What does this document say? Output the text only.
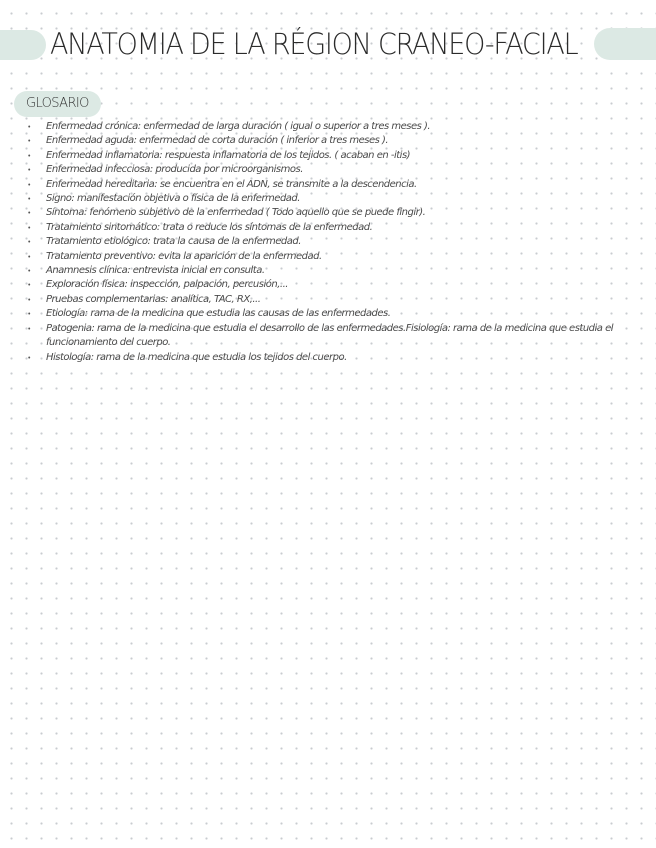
ANATOMIA DE LA RÉGION CRANEO-FACIAL
GLOSARIO
• Enfermedad crónica: enfermedad de larga duración ( igual o superior a tres meses ).
• Enfermedad aguda: enfermedad de corta duración ( inferior a tres meses ).
• Enfermedad inflamatoria: respuesta inflamatoria de los tejidos. ( acaban en -itis)
• Enfermedad infecciosa: producida por microorganismos.
• Enfermedad hereditaria: se encuentra en el ADN, se transmite a la descendencia.
• Signo: manifestación objetiva o física de la enfermedad.
• Síntoma: fenómeno subjetivo de la enfermedad ( Todo aquello que se puede fingir).
• Tratamiento sintomático: trata o reduce los síntomas de la enfermedad.
• Tratamiento etiológico: trata la causa de la enfermedad.
• Tratamiento preventivo: evita la aparición de la enfermedad.
• Anamnesis clínica: entrevista inicial en consulta.
• Exploración física: inspección, palpación, percusión,...
• Pruebas complementarias: analítica, TAC, RX,...
• Etiología: rama de la medicina que estudia las causas de las enfermedades.
• Patogenia: rama de la medicina que estudia el desarrollo de las enfermedades.Fisiología: rama de la medicina que estudia el funcionamiento del cuerpo.
• Histología: rama de la medicina que estudia los tejidos del cuerpo.
